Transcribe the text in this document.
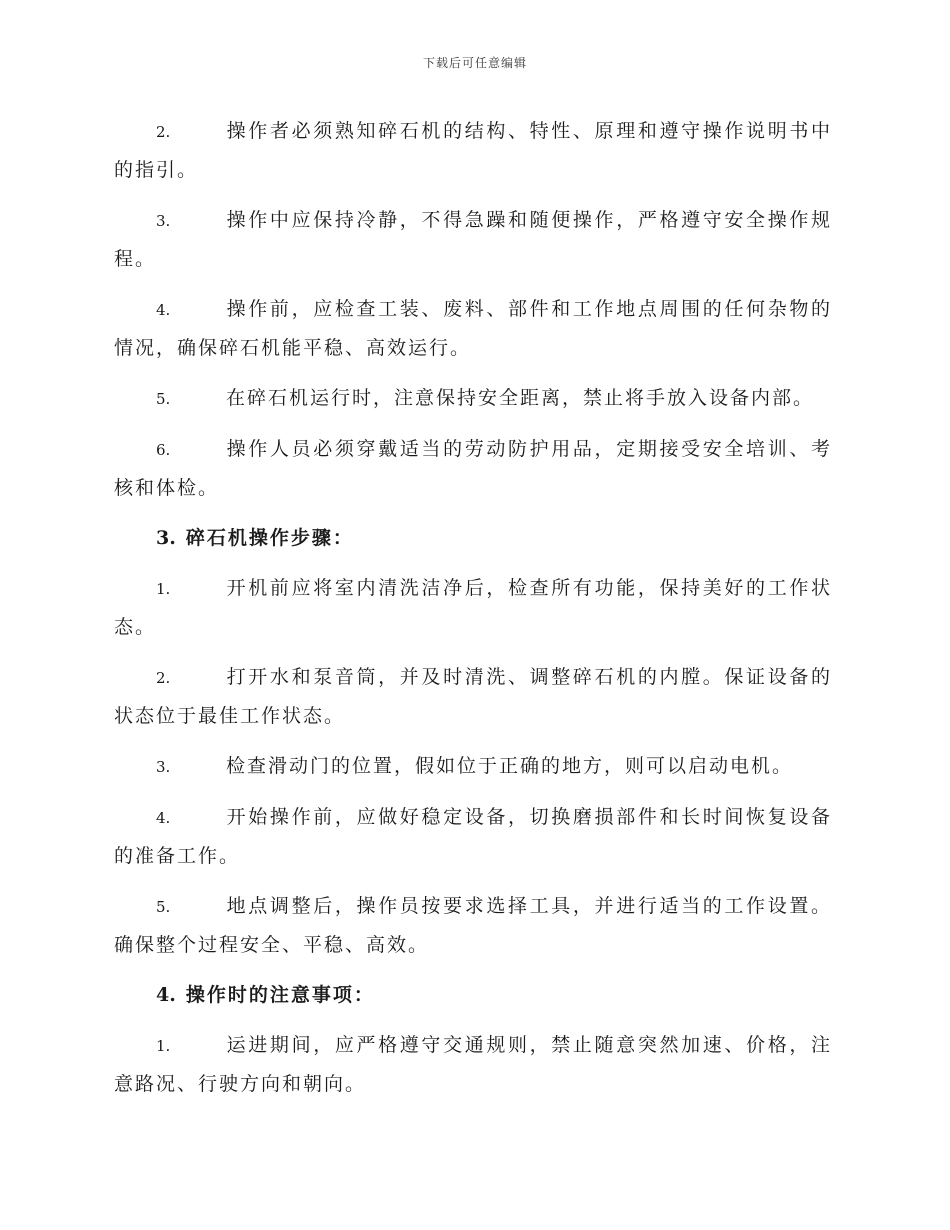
下载后可任意编辑

2.	操作者必须熟知碎石机的结构、特性、原理和遵守操作说明书中的指引。

3.	操作中应保持冷静，不得急躁和随便操作，严格遵守安全操作规程。

4.	操作前，应检查工装、废料、部件和工作地点周围的任何杂物的情况，确保碎石机能平稳、高效运行。

5.	在碎石机运行时，注意保持安全距离，禁止将手放入设备内部。

6.	操作人员必须穿戴适当的劳动防护用品，定期接受安全培训、考核和体检。

3. 碎石机操作步骤：

1.	开机前应将室内清洗洁净后，检查所有功能，保持美好的工作状态。

2.	打开水和泵音筒，并及时清洗、调整碎石机的内膛。保证设备的状态位于最佳工作状态。

3.	检查滑动门的位置，假如位于正确的地方，则可以启动电机。

4.	开始操作前，应做好稳定设备，切换磨损部件和长时间恢复设备的准备工作。

5.	地点调整后，操作员按要求选择工具，并进行适当的工作设置。确保整个过程安全、平稳、高效。

4. 操作时的注意事项：

1.	运进期间，应严格遵守交通规则，禁止随意突然加速、价格，注意路况、行驶方向和朝向。
